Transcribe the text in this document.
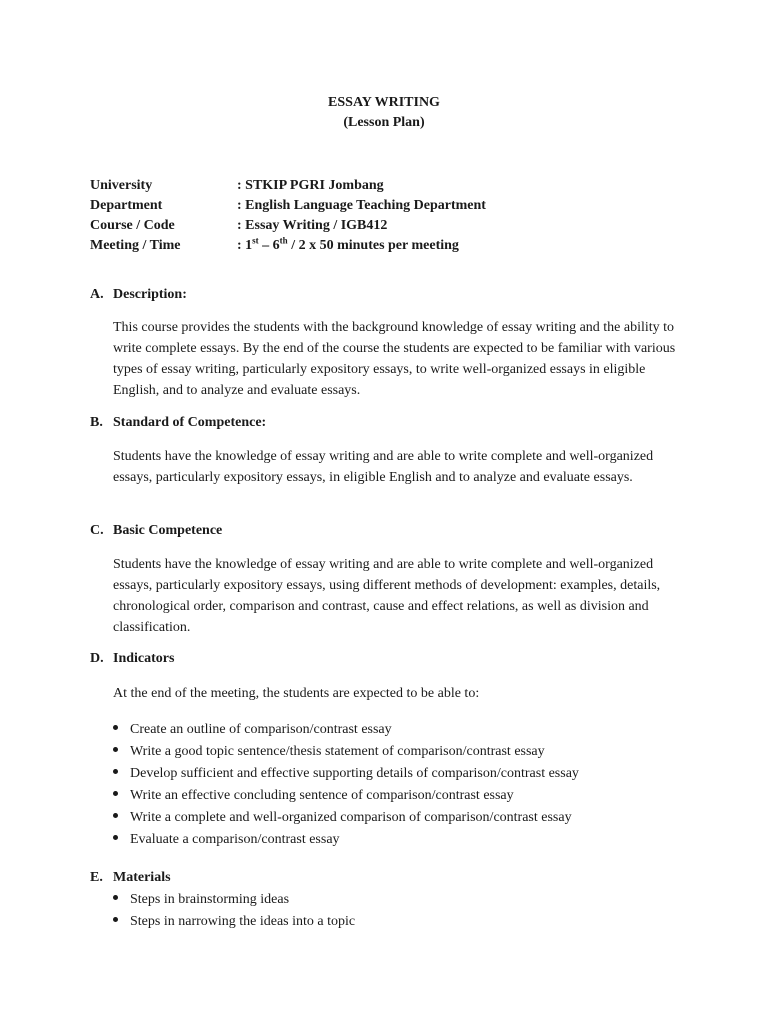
ESSAY WRITING
(Lesson Plan)
University	: STKIP PGRI Jombang
Department	: English Language Teaching Department
Course / Code	: Essay Writing / IGB412
Meeting / Time	: 1st – 6th / 2 x 50 minutes per meeting
A. Description:
This course provides the students with the background knowledge of essay writing and the ability to write complete essays. By the end of the course the students are expected to be familiar with various types of essay writing, particularly expository essays, to write well-organized essays in eligible English, and to analyze and evaluate essays.
B. Standard of Competence:
Students have the knowledge of essay writing and are able to write complete and well-organized essays, particularly expository essays, in eligible English and to analyze and evaluate essays.
C. Basic Competence
Students have the knowledge of essay writing and are able to write complete and well-organized essays, particularly expository essays, using different methods of development: examples, details, chronological order, comparison and contrast, cause and effect relations, as well as division and classification.
D. Indicators
At the end of the meeting, the students are expected to be able to:
Create an outline of comparison/contrast essay
Write a good topic sentence/thesis statement of comparison/contrast essay
Develop sufficient and effective supporting details of comparison/contrast essay
Write an effective concluding sentence of comparison/contrast essay
Write a complete and well-organized comparison of comparison/contrast essay
Evaluate a comparison/contrast essay
E. Materials
Steps in brainstorming ideas
Steps in narrowing the ideas into a topic
